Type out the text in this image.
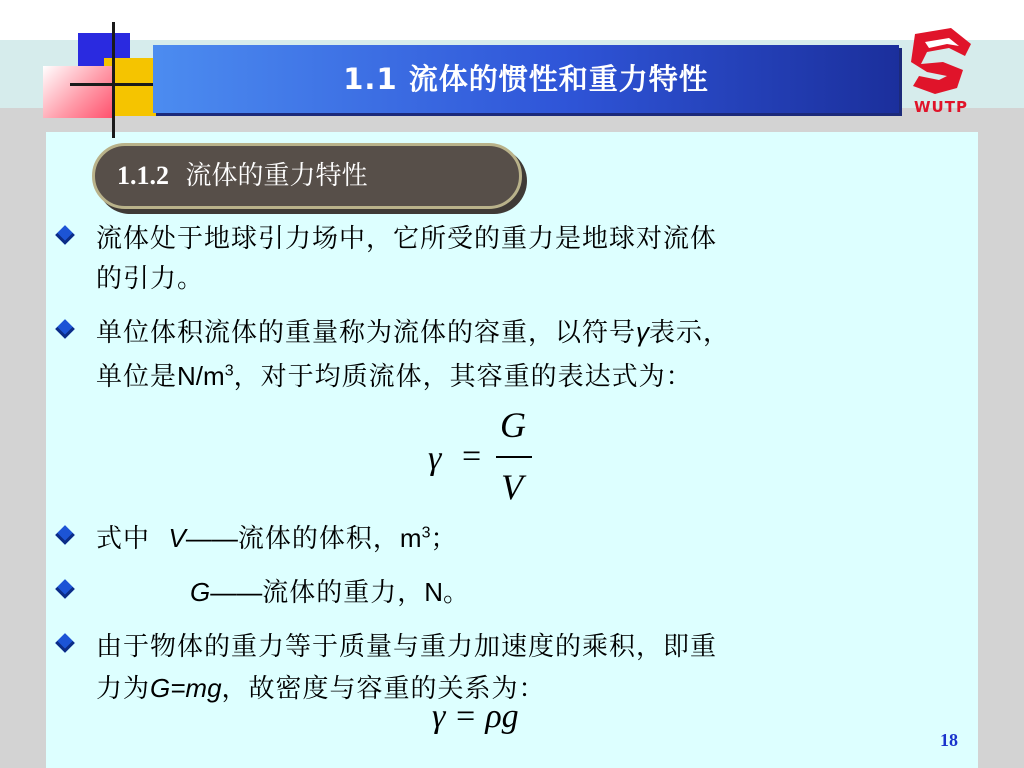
1.1 流体的惯性和重力特性
WUTP
1.1.2 流体的重力特性
流体处于地球引力场中，它所受的重力是地球对流体
的引力。
单位体积流体的重量称为流体的容重，以符号γ表示，
单位是$N/m^3$，对于均质流体，其容重的表达式为：
γ =
G
V
式中  V——流体的体积，$m^3$；
G——流体的重力，N。
由于物体的重力等于质量与重力加速度的乘积，即重
力为G=mg，故密度与容重的关系为：
γ = ρg
18
